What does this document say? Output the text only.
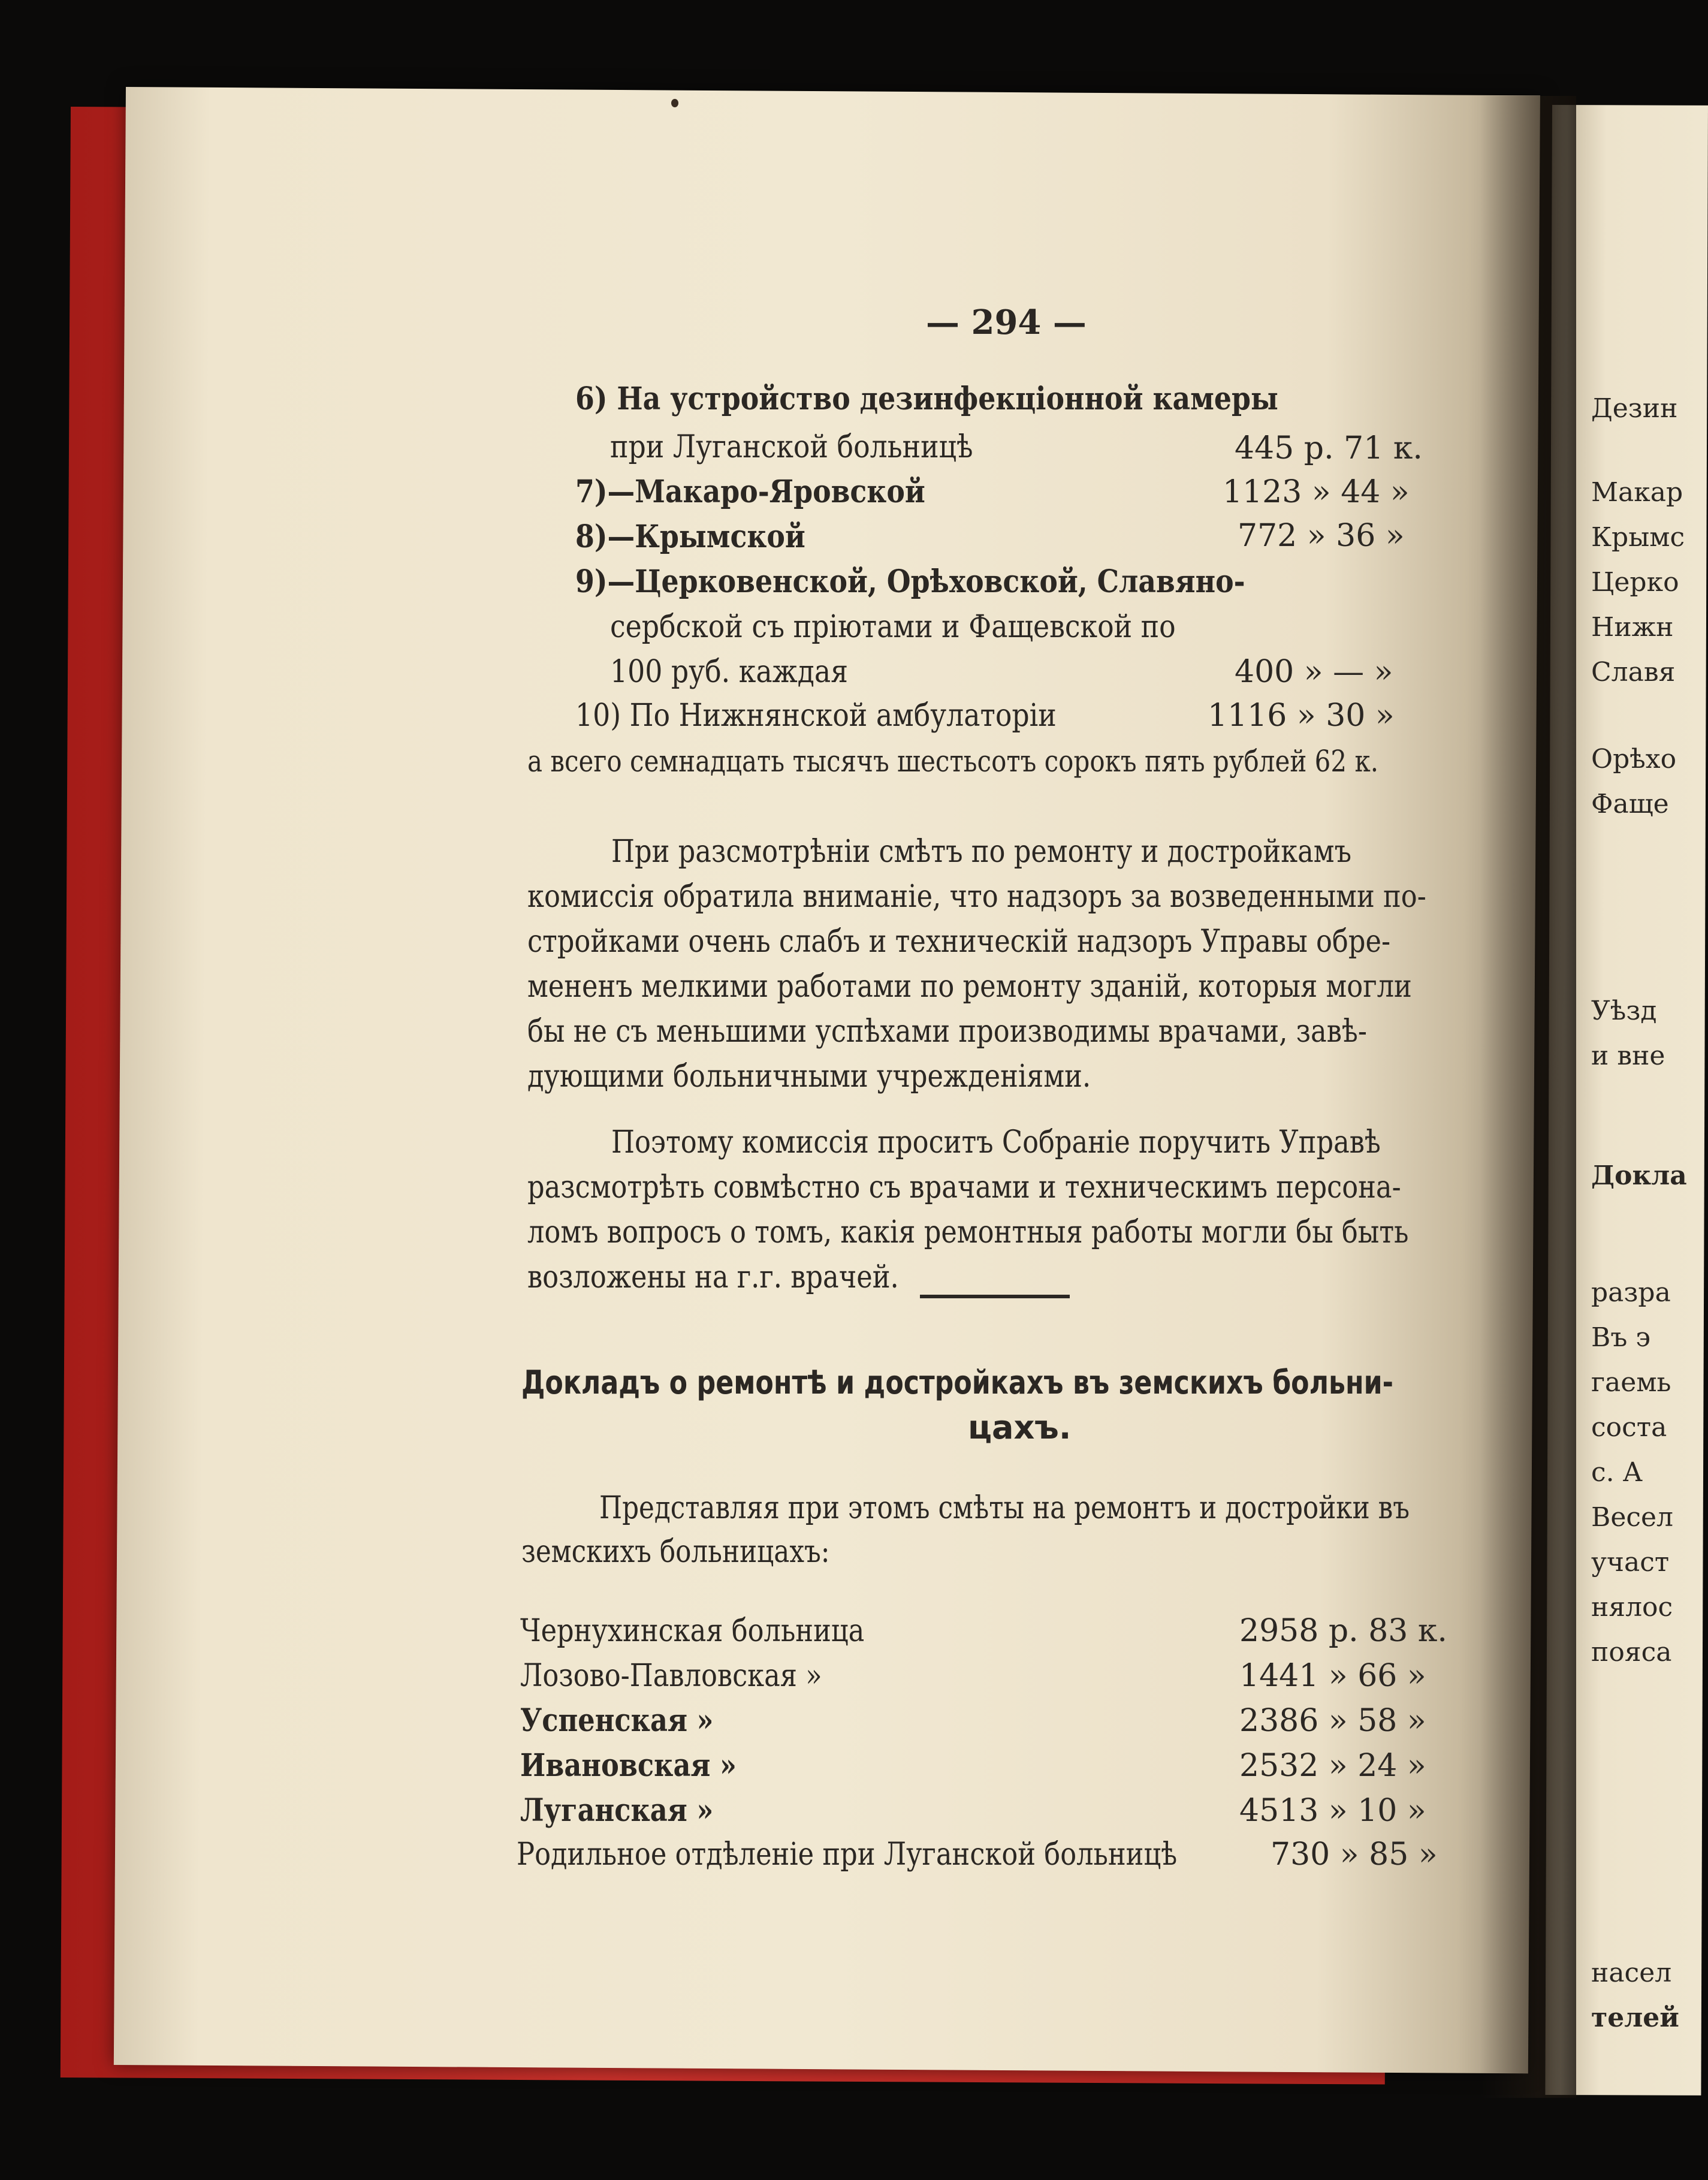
— 294 —
6) На устройство дезинфекціонной камеры
при Луганской больницѣ	445 р. 71 к.
7)—Макаро-Яровской	1123 » 44 »
8)—Крымской	772 » 36 »
9)—Церковенской, Орѣховской, Славяно-
сербской съ пріютами и Фащевской по
100 руб. каждая	400 » — »
10) По Нижнянской амбулаторіи	1116 » 30 »
а всего семнадцать тысячъ шестьсотъ сорокъ пять рублей 62 к.
При разсмотрѣніи смѣтъ по ремонту и достройкамъ
комиссія обратила вниманіе, что надзоръ за возведенными по-
стройками очень слабъ и техническій надзоръ Управы обре-
мененъ мелкими работами по ремонту зданій, которыя могли
бы не съ меньшими успѣхами производимы врачами, завѣ-
дующими больничными учрежденіями.
Поэтому комиссія проситъ Собраніе поручить Управѣ
разсмотрѣть совмѣстно съ врачами и техническимъ персона-
ломъ вопросъ о томъ, какія ремонтныя работы могли бы быть
возложены на г.г. врачей.
Докладъ о ремонтѣ и достройкахъ въ земскихъ больни-
цахъ.
Представляя при этомъ смѣты на ремонтъ и достройки въ
земскихъ больницахъ:
Чернухинская больница	2958 р. 83 к.
Лозово-Павловская »	1441 » 66 »
Успенская »	2386 » 58 »
Ивановская »	2532 » 24 »
Луганская »	4513 » 10 »
Родильное отдѣленіе при Луганской больницѣ	730 » 85 »
Дезин
Макар
Крымс
Церко
Нижн
Славя
Орѣхо
Фаще
Уѣзд
и вне
Докла
разра
Въ э
гаемь
соста
с. А
Весел
участ
нялос
пояса
насел
телей
